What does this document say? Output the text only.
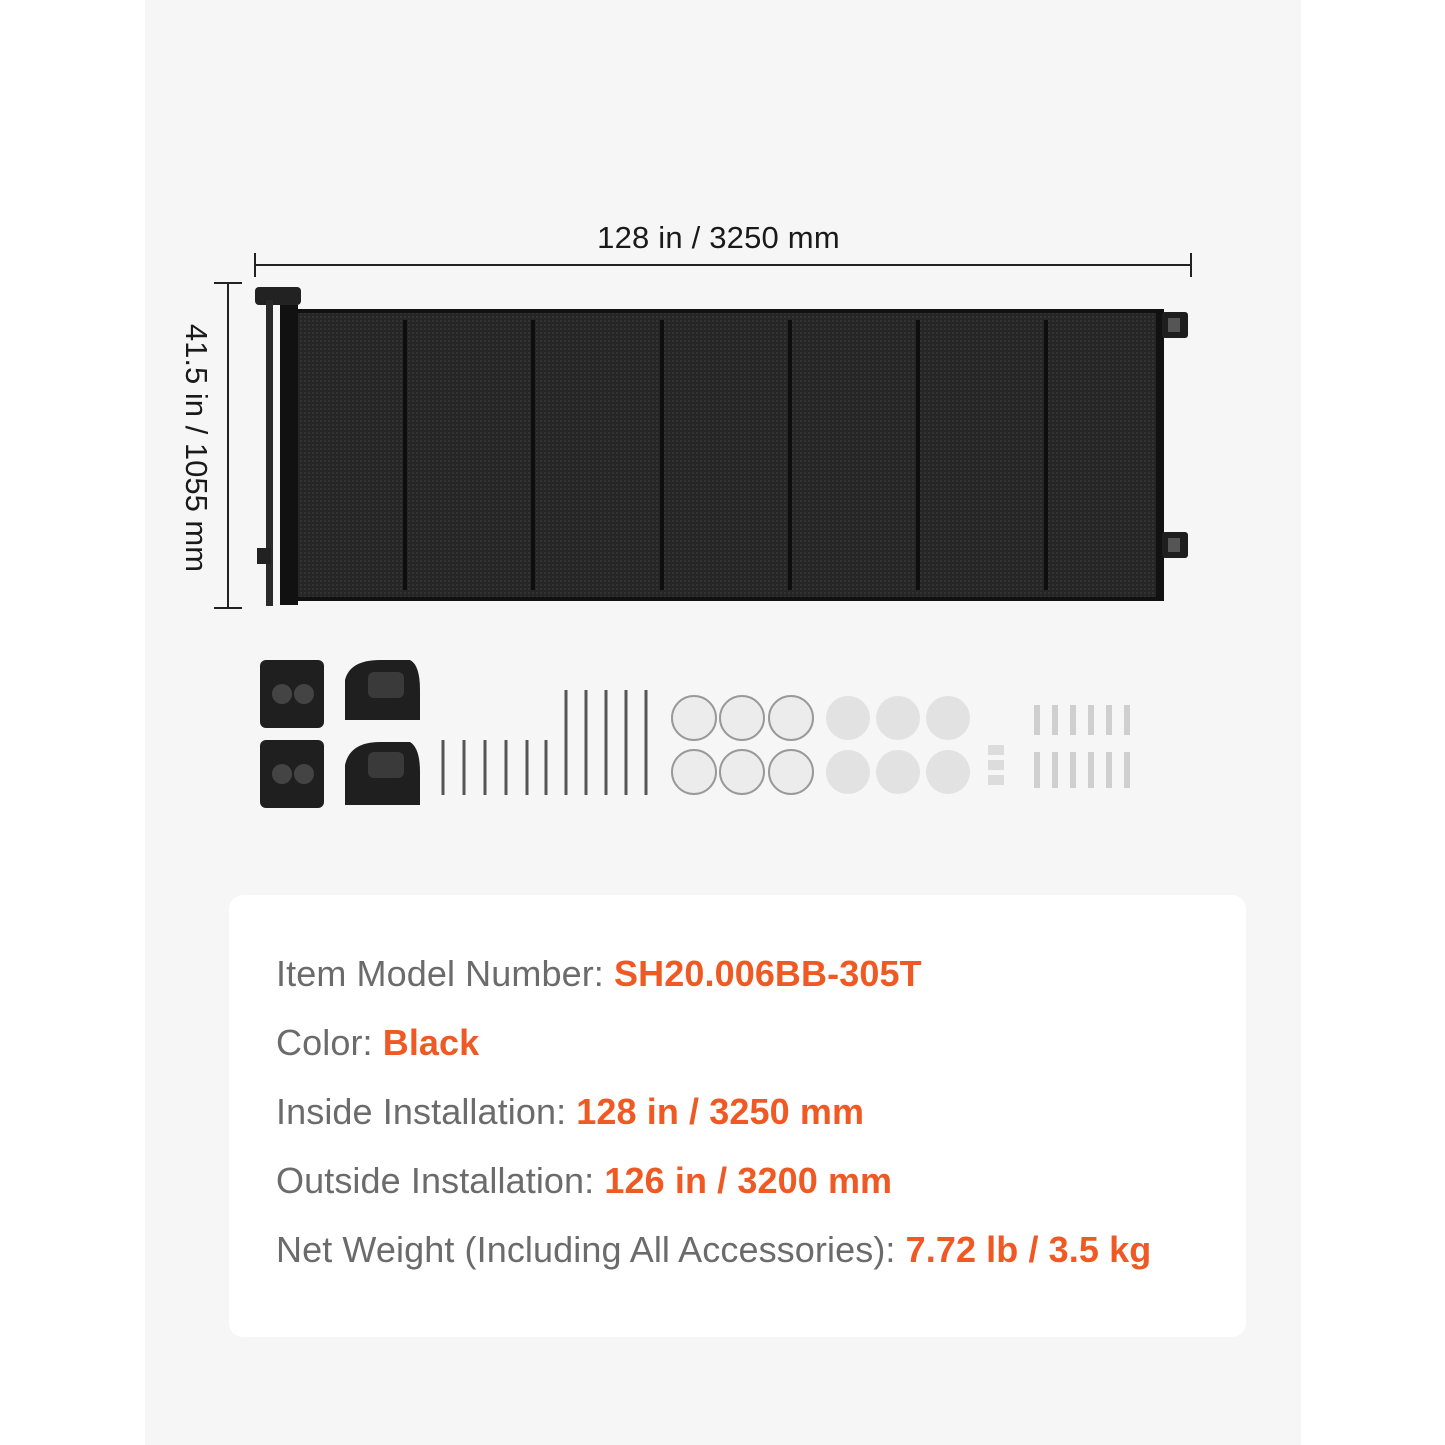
128 in / 3250 mm
41.5 in / 1055 mm
Item Model Number: SH20.006BB-305T
Color: Black
Inside Installation: 128 in / 3250 mm
Outside Installation: 126 in / 3200 mm
Net Weight (Including All Accessories): 7.72 lb / 3.5 kg
